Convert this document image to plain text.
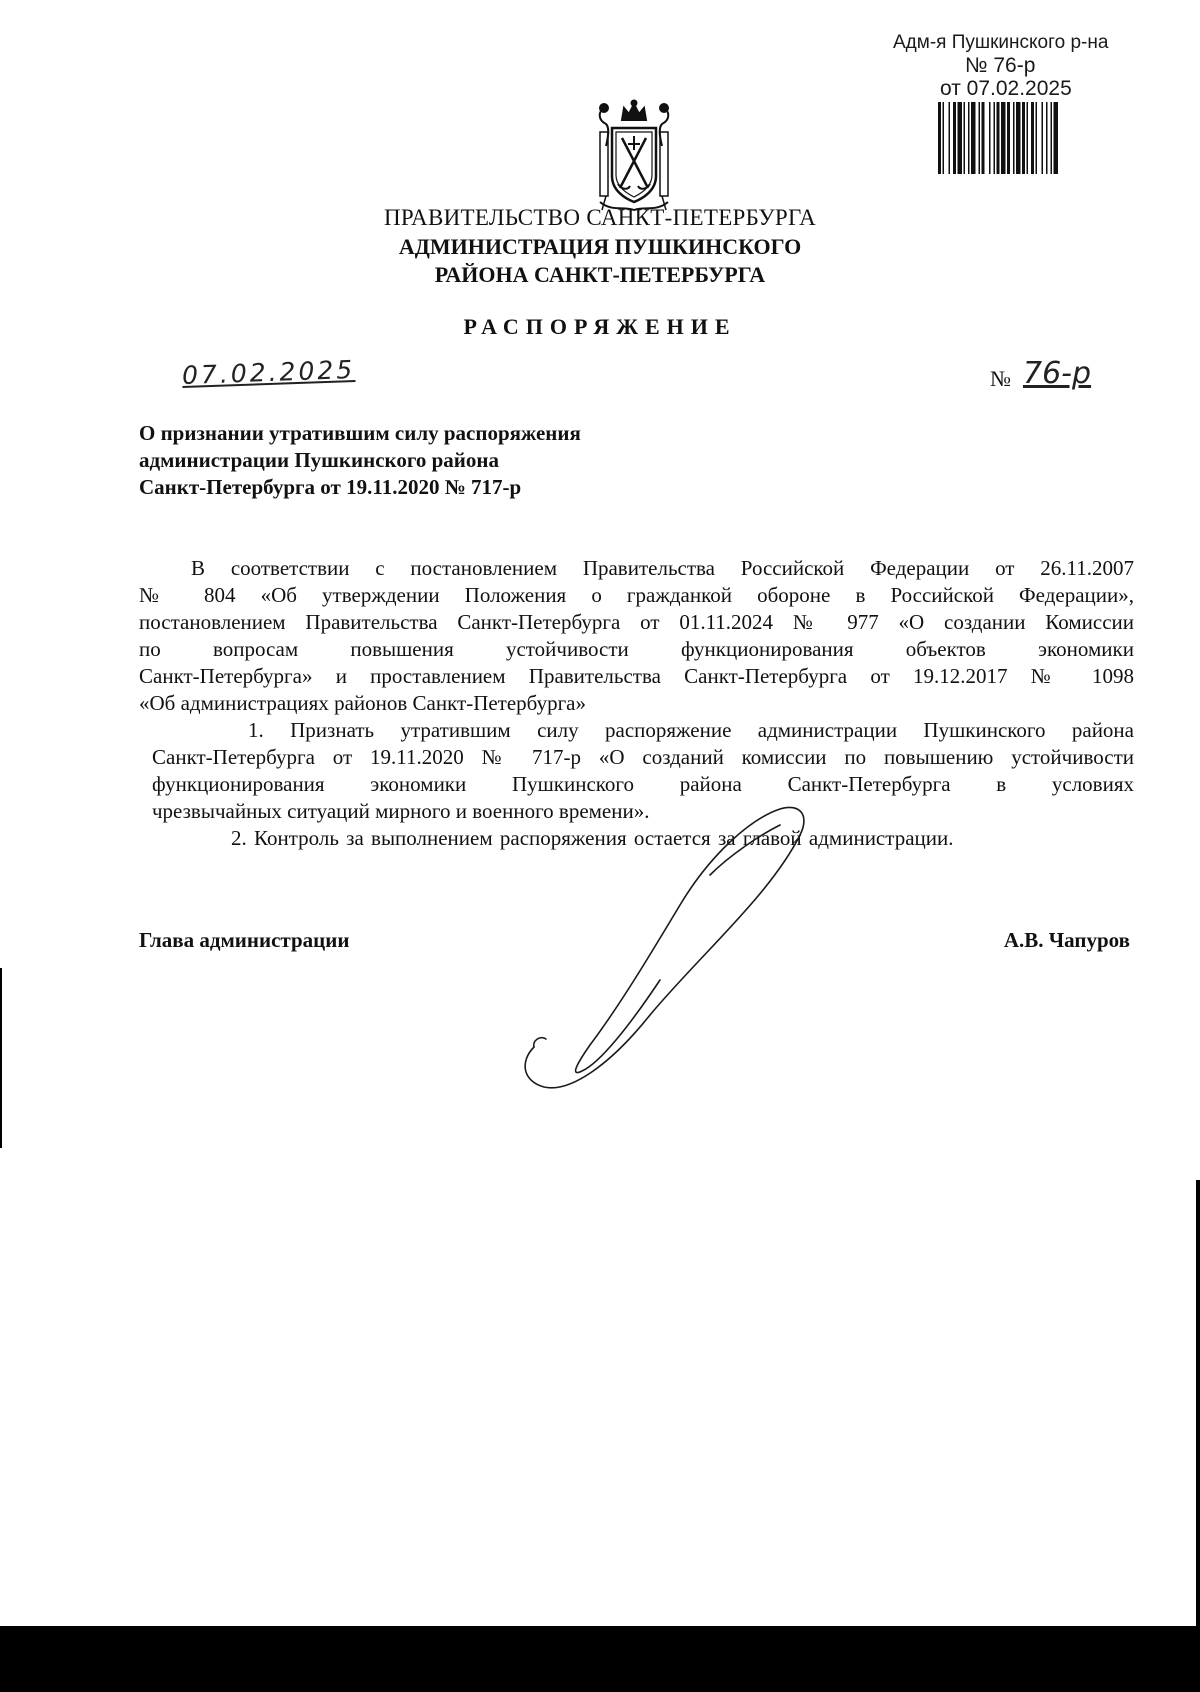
Адм-я Пушкинского р-на
№ 76-р
от 07.02.2025
ПРАВИТЕЛЬСТВО САНКТ-ПЕТЕРБУРГА
АДМИНИСТРАЦИЯ ПУШКИНСКОГО
РАЙОНА САНКТ-ПЕТЕРБУРГА
РАСПОРЯЖЕНИЕ
07.02.2025	№ 76-р
О признании утратившим силу распоряжения
администрации Пушкинского района
Санкт-Петербурга от 19.11.2020 № 717-р
В соответствии с постановлением Правительства Российской Федерации от 26.11.2007
№ 804 «Об утверждении Положения о гражданкой обороне в Российской Федерации»,
постановлением Правительства Санкт-Петербурга от 01.11.2024 № 977 «О создании Комиссии
по вопросам повышения устойчивости функционирования объектов экономики
Санкт-Петербурга» и проставлением Правительства Санкт-Петербурга от 19.12.2017 № 1098
«Об администрациях районов Санкт-Петербурга»
1. Признать утратившим силу распоряжение администрации Пушкинского района
Санкт-Петербурга от 19.11.2020 № 717-р «О созданий комиссии по повышению устойчивости
функционирования экономики Пушкинского района Санкт-Петербурга в условиях
чрезвычайных ситуаций мирного и военного времени».
2. Контроль за выполнением распоряжения остается за главой администрации.
Глава администрации	А.В. Чапуров
